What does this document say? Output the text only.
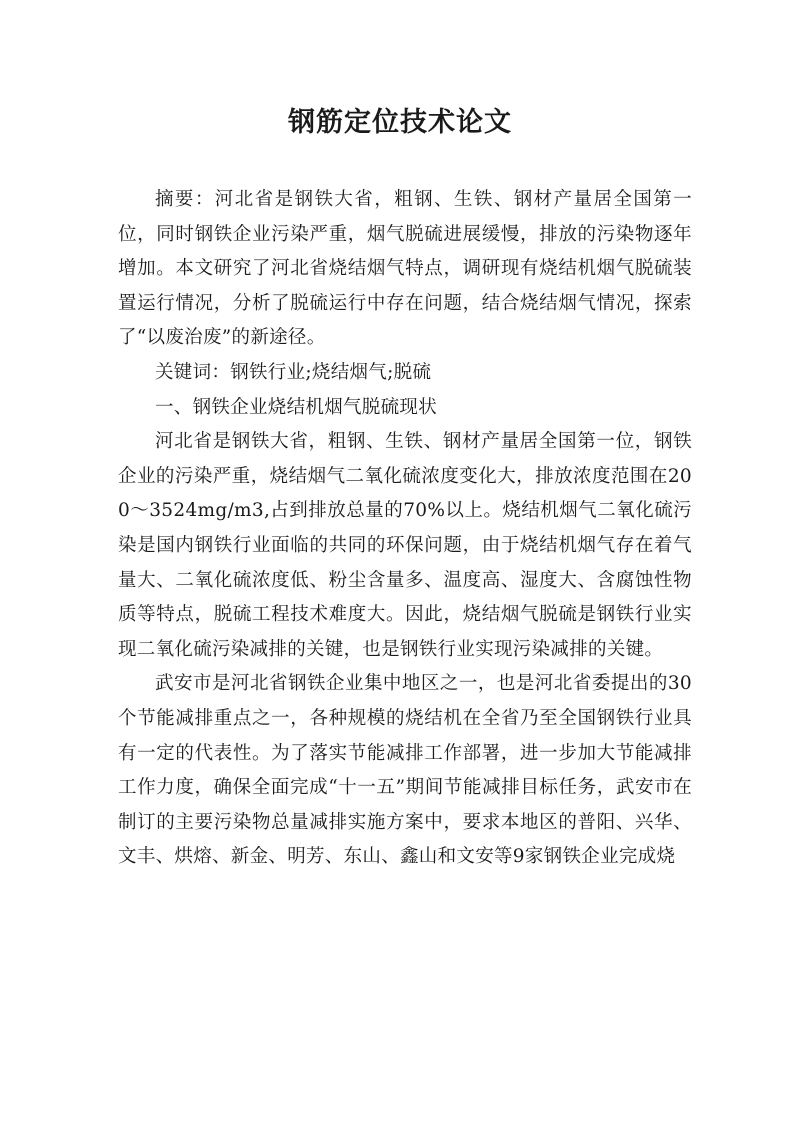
钢筋定位技术论文

摘要：河北省是钢铁大省，粗钢、生铁、钢材产量居全国第一位，同时钢铁企业污染严重，烟气脱硫进展缓慢，排放的污染物逐年增加。本文研究了河北省烧结烟气特点，调研现有烧结机烟气脱硫装置运行情况，分析了脱硫运行中存在问题，结合烧结烟气情况，探索了“以废治废”的新途径。

关键词：钢铁行业;烧结烟气;脱硫

一、钢铁企业烧结机烟气脱硫现状

河北省是钢铁大省，粗钢、生铁、钢材产量居全国第一位，钢铁企业的污染严重，烧结烟气二氧化硫浓度变化大，排放浓度范围在200～3524mg/m3,占到排放总量的70%以上。烧结机烟气二氧化硫污染是国内钢铁行业面临的共同的环保问题，由于烧结机烟气存在着气量大、二氧化硫浓度低、粉尘含量多、温度高、湿度大、含腐蚀性物质等特点，脱硫工程技术难度大。因此，烧结烟气脱硫是钢铁行业实现二氧化硫污染减排的关键，也是钢铁行业实现污染减排的关键。

武安市是河北省钢铁企业集中地区之一，也是河北省委提出的30个节能减排重点之一，各种规模的烧结机在全省乃至全国钢铁行业具有一定的代表性。为了落实节能减排工作部署，进一步加大节能减排工作力度，确保全面完成“十一五”期间节能减排目标任务，武安市在制订的主要污染物总量减排实施方案中，要求本地区的普阳、兴华、文丰、烘熔、新金、明芳、东山、鑫山和文安等9家钢铁企业完成烧
